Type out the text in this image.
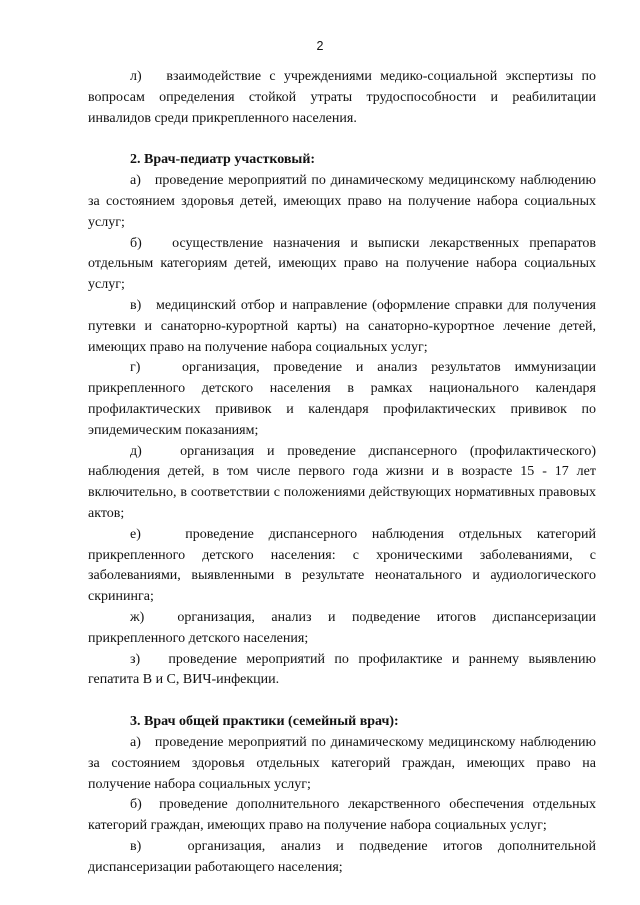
2

л)   взаимодействие с учреждениями медико-социальной экспертизы по вопросам определения стойкой утраты трудоспособности и реабилитации инвалидов среди прикрепленного населения.

2. Врач-педиатр участковый:

а)   проведение мероприятий по динамическому медицинскому наблюдению за состоянием здоровья детей, имеющих право на получение набора социальных услуг;

б)   осуществление назначения и выписки лекарственных препаратов отдельным категориям детей, имеющих право на получение набора социальных услуг;

в)   медицинский отбор и направление (оформление справки для получения путевки и санаторно-курортной карты) на санаторно-курортное лечение детей, имеющих право на получение набора социальных услуг;

г)   организация, проведение и анализ результатов иммунизации прикрепленного детского населения в рамках национального календаря профилактических прививок и календаря профилактических прививок по эпидемическим показаниям;

д)   организация и проведение диспансерного (профилактического) наблюдения детей, в том числе первого года жизни и в возрасте 15 - 17 лет включительно, в соответствии с положениями действующих нормативных правовых актов;

е)   проведение диспансерного наблюдения отдельных категорий прикрепленного детского населения: с хроническими заболеваниями, с заболеваниями, выявленными в результате неонатального и аудиологического скрининга;

ж)  организация, анализ и подведение итогов диспансеризации прикрепленного детского населения;

з)   проведение мероприятий по профилактике и раннему выявлению гепатита В и С, ВИЧ-инфекции.

3. Врач общей практики (семейный врач):

а)   проведение мероприятий по динамическому медицинскому наблюдению за состоянием здоровья отдельных категорий граждан, имеющих право на получение набора социальных услуг;

б)  проведение дополнительного лекарственного обеспечения отдельных категорий граждан, имеющих право на получение набора социальных услуг;

в)   организация, анализ и подведение итогов дополнительной диспансеризации работающего населения;
